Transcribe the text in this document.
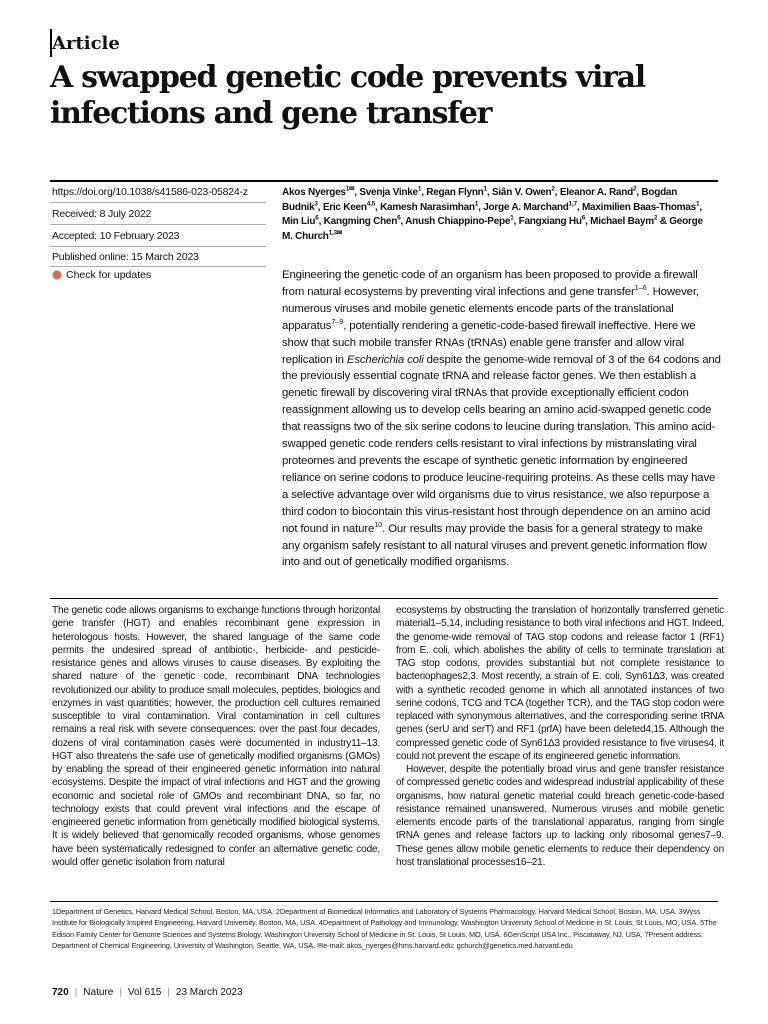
Article
A swapped genetic code prevents viral infections and gene transfer
https://doi.org/10.1038/s41586-023-05824-z
Received: 8 July 2022
Accepted: 10 February 2023
Published online: 15 March 2023
Check for updates
Akos Nyerges$^{1✉}$, Svenja Vinke$^1$, Regan Flynn$^1$, Siân V. Owen$^2$, Eleanor A. Rand$^2$, Bogdan Budnik$^3$, Eric Keen$^{4,5}$, Kamesh Narasimhan$^1$, Jorge A. Marchand$^{1,7}$, Maximilien Baas-Thomas$^1$, Min Liu$^6$, Kangming Chen$^6$, Anush Chiappino-Pepe$^1$, Fangxiang Hu$^6$, Michael Baym$^2$ & George M. Church$^{1,3✉}$
Engineering the genetic code of an organism has been proposed to provide a firewall from natural ecosystems by preventing viral infections and gene transfer$^{1-6}$. However, numerous viruses and mobile genetic elements encode parts of the translational apparatus$^{7-9}$, potentially rendering a genetic-code-based firewall ineffective. Here we show that such mobile transfer RNAs (tRNAs) enable gene transfer and allow viral replication in Escherichia coli despite the genome-wide removal of 3 of the 64 codons and the previously essential cognate tRNA and release factor genes. We then establish a genetic firewall by discovering viral tRNAs that provide exceptionally efficient codon reassignment allowing us to develop cells bearing an amino acid-swapped genetic code that reassigns two of the six serine codons to leucine during translation. This amino acid-swapped genetic code renders cells resistant to viral infections by mistranslating viral proteomes and prevents the escape of synthetic genetic information by engineered reliance on serine codons to produce leucine-requiring proteins. As these cells may have a selective advantage over wild organisms due to virus resistance, we also repurpose a third codon to biocontain this virus-resistant host through dependence on an amino acid not found in nature$^{10}$. Our results may provide the basis for a general strategy to make any organism safely resistant to all natural viruses and prevent genetic information flow into and out of genetically modified organisms.

The genetic code allows organisms to exchange functions through horizontal gene transfer (HGT) and enables recombinant gene expression in heterologous hosts. However, the shared language of the same code permits the undesired spread of antibiotic-, herbicide- and pesticide-resistance genes and allows viruses to cause diseases. By exploiting the shared nature of the genetic code, recombinant DNA technologies revolutionized our ability to produce small molecules, peptides, biologics and enzymes in vast quantities; however, the production cell cultures remained susceptible to viral contamination. Viral contamination in cell cultures remains a real risk with severe consequences: over the past four decades, dozens of viral contamination cases were documented in industry11–13. HGT also threatens the safe use of genetically modified organisms (GMOs) by enabling the spread of their engineered genetic information into natural ecosystems. Despite the impact of viral infections and HGT and the growing economic and societal role of GMOs and recombinant DNA, so far, no technology exists that could prevent viral infections and the escape of engineered genetic information from genetically modified biological systems. It is widely believed that genomically recoded organisms, whose genomes have been systematically redesigned to confer an alternative genetic code, would offer genetic isolation from natural

ecosystems by obstructing the translation of horizontally transferred genetic material1–5,14, including resistance to both viral infections and HGT. Indeed, the genome-wide removal of TAG stop codons and release factor 1 (RF1) from E. coli, which abolishes the ability of cells to terminate translation at TAG stop codons, provides substantial but not complete resistance to bacteriophages2,3. Most recently, a strain of E. coli, Syn61Δ3, was created with a synthetic recoded genome in which all annotated instances of two serine codons, TCG and TCA (together TCR), and the TAG stop codon were replaced with synonymous alternatives, and the corresponding serine tRNA genes (serU and serT) and RF1 (prfA) have been deleted4,15. Although the compressed genetic code of Syn61Δ3 provided resistance to five viruses4, it could not prevent the escape of its engineered genetic information.

However, despite the potentially broad virus and gene transfer resistance of compressed genetic codes and widespread industrial applicability of these organisms, how natural genetic material could breach genetic-code-based resistance remained unanswered. Numerous viruses and mobile genetic elements encode parts of the translational apparatus, ranging from single tRNA genes and release factors up to lacking only ribosomal genes7–9. These genes allow mobile genetic elements to reduce their dependency on host translational processes16–21.

1Department of Genetics, Harvard Medical School, Boston, MA, USA. 2Department of Biomedical Informatics and Laboratory of Systems Pharmacology, Harvard Medical School, Boston, MA, USA. 3Wyss Institute for Biologically Inspired Engineering, Harvard University, Boston, MA, USA. 4Department of Pathology and Immunology, Washington University School of Medicine in St. Louis, St Louis, MO, USA. 5The Edison Family Center for Genome Sciences and Systems Biology, Washington University School of Medicine in St. Louis, St Louis, MO, USA. 6GenScript USA Inc., Piscataway, NJ, USA. 7Present address: Department of Chemical Engineering, University of Washington, Seattle, WA, USA. ✉e-mail: akos_nyerges@hms.harvard.edu; gchurch@genetics.med.harvard.edu
720 | Nature | Vol 615 | 23 March 2023
